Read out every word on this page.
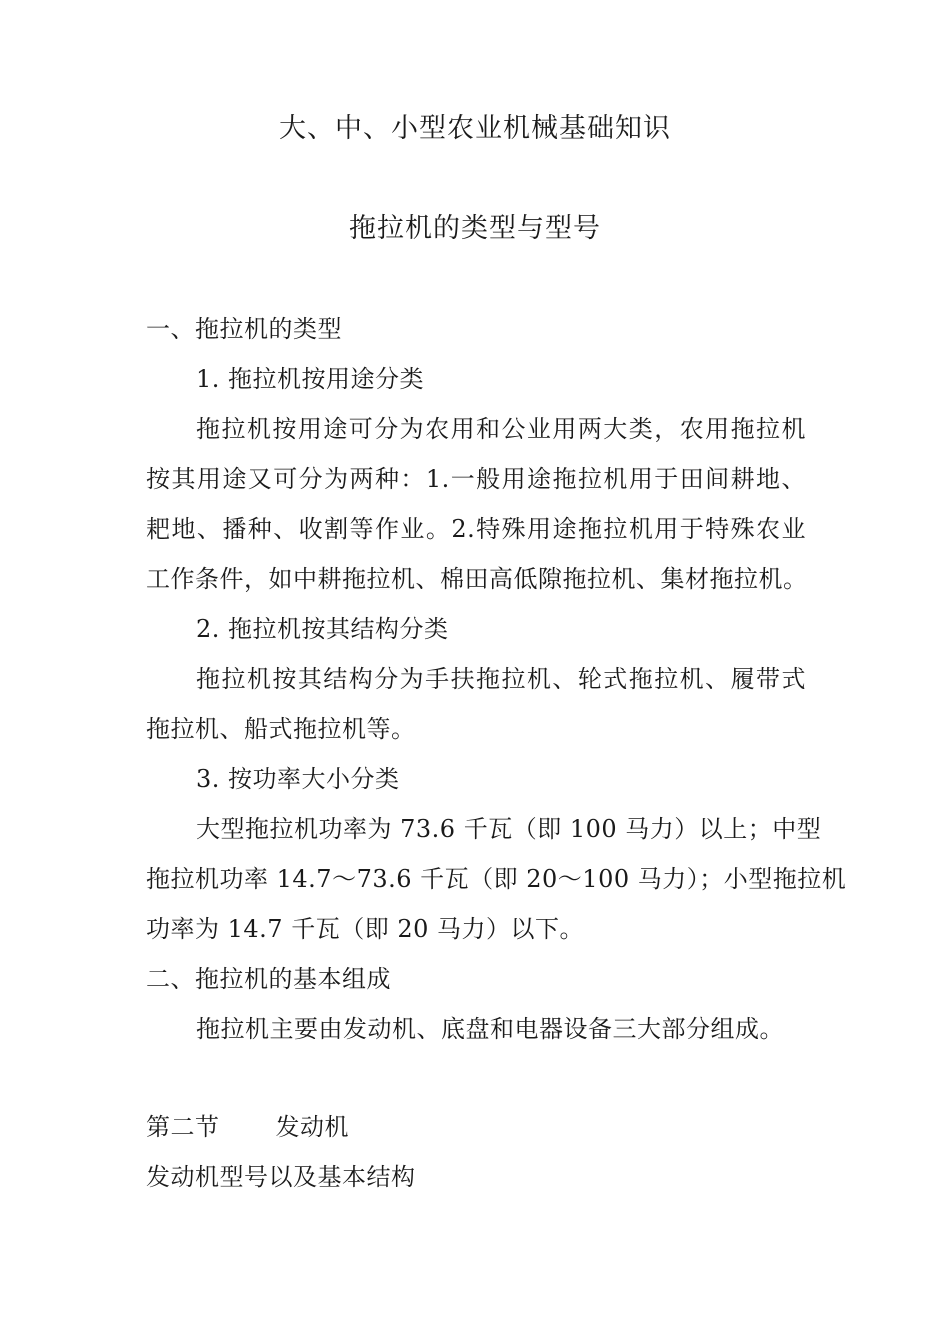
大、中、小型农业机械基础知识
拖拉机的类型与型号
一、拖拉机的类型
1. 拖拉机按用途分类
拖拉机按用途可分为农用和公业用两大类，农用拖拉机
按其用途又可分为两种：1.一般用途拖拉机用于田间耕地、
耙地、播种、收割等作业。2.特殊用途拖拉机用于特殊农业
工作条件，如中耕拖拉机、棉田高低隙拖拉机、集材拖拉机。
2. 拖拉机按其结构分类
拖拉机按其结构分为手扶拖拉机、轮式拖拉机、履带式
拖拉机、船式拖拉机等。
3. 按功率大小分类
大型拖拉机功率为 73.6 千瓦（即 100 马力）以上；中型
拖拉机功率 14.7～73.6 千瓦（即 20～100 马力）；小型拖拉机
功率为 14.7 千瓦（即 20 马力）以下。
二、拖拉机的基本组成
拖拉机主要由发动机、底盘和电器设备三大部分组成。
第二节 发动机
发动机型号以及基本结构
